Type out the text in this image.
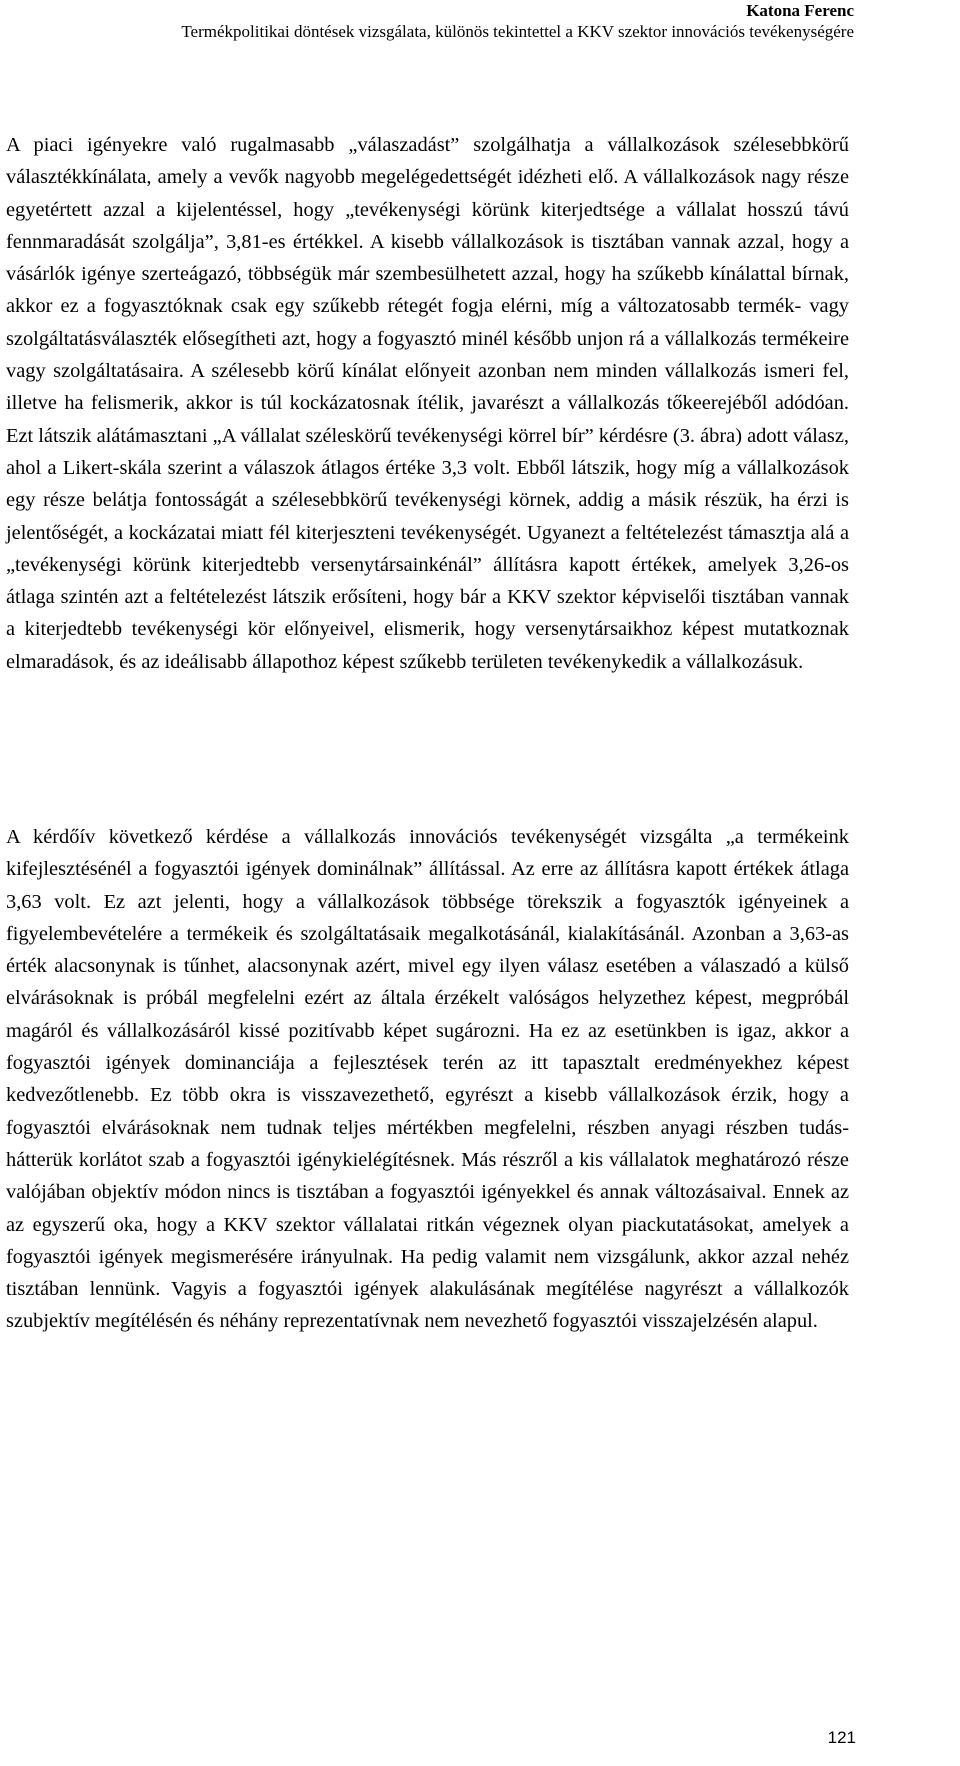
Katona Ferenc
Termékpolitikai döntések vizsgálata, különös tekintettel a KKV szektor innovációs tevékenységére

A piaci igényekre való rugalmasabb „válaszadást” szolgálhatja a vállalkozások szélesebbkörű választékkínálata, amely a vevők nagyobb megelégedettségét idézheti elő. A vállalkozások nagy része egyetértett azzal a kijelentéssel, hogy „tevékenységi körünk kiterjedtsége a vállalat hosszú távú fennmaradását szolgálja”, 3,81-es értékkel. A kisebb vállalkozások is tisztában vannak azzal, hogy a vásárlók igénye szerteágazó, többségük már szembesülhetett azzal, hogy ha szűkebb kínálattal bírnak, akkor ez a fogyasztóknak csak egy szűkebb rétegét fogja elérni, míg a változatosabb termék- vagy szolgáltatásválaszték elősegítheti azt, hogy a fogyasztó minél később unjon rá a vállalkozás termékeire vagy szolgáltatásaira. A szélesebb körű kínálat előnyeit azonban nem minden vállalkozás ismeri fel, illetve ha felismerik, akkor is túl kockázatosnak ítélik, javarészt a vállalkozás tőkeerejéből adódóan. Ezt látszik alátámasztani „A vállalat széleskörű tevékenységi körrel bír” kérdésre (3. ábra) adott válasz, ahol a Likert-skála szerint a válaszok átlagos értéke 3,3 volt. Ebből látszik, hogy míg a vállalkozások egy része belátja fontosságát a szélesebbkörű tevékenységi körnek, addig a másik részük, ha érzi is jelentőségét, a kockázatai miatt fél kiterjeszteni tevékenységét. Ugyanezt a feltételezést támasztja alá a „tevékenységi körünk kiterjedtebb versenytársainkénál” állításra kapott értékek, amelyek 3,26-os átlaga szintén azt a feltételezést látszik erősíteni, hogy bár a KKV szektor képviselői tisztában vannak a kiterjedtebb tevékenységi kör előnyeivel, elismerik, hogy versenytársaikhoz képest mutatkoznak elmaradások, és az ideálisabb állapothoz képest szűkebb területen tevékenykedik a vállalkozásuk.

A kérdőív következő kérdése a vállalkozás innovációs tevékenységét vizsgálta „a termékeink kifejlesztésénél a fogyasztói igények dominálnak” állítással. Az erre az állításra kapott értékek átlaga 3,63 volt. Ez azt jelenti, hogy a vállalkozások többsége törekszik a fogyasztók igényeinek a figyelembevételére a termékeik és szolgáltatásaik megalkotásánál, kialakításánál. Azonban a 3,63-as érték alacsonynak is tűnhet, alacsonynak azért, mivel egy ilyen válasz esetében a válaszadó a külső elvárásoknak is próbál megfelelni ezért az általa érzékelt valóságos helyzethez képest, megpróbál magáról és vállalkozásáról kissé pozitívabb képet sugározni. Ha ez az esetünkben is igaz, akkor a fogyasztói igények dominanciája a fejlesztések terén az itt tapasztalt eredményekhez képest kedvezőtlenebb. Ez több okra is visszavezethető, egyrészt a kisebb vállalkozások érzik, hogy a fogyasztói elvárásoknak nem tudnak teljes mértékben megfelelni, részben anyagi részben tudás-hátterük korlátot szab a fogyasztói igénykielégítésnek. Más részről a kis vállalatok meghatározó része valójában objektív módon nincs is tisztában a fogyasztói igényekkel és annak változásaival. Ennek az az egyszerű oka, hogy a KKV szektor vállalatai ritkán végeznek olyan piackutatásokat, amelyek a fogyasztói igények megismerésére irányulnak. Ha pedig valamit nem vizsgálunk, akkor azzal nehéz tisztában lennünk. Vagyis a fogyasztói igények alakulásának megítélése nagyrészt a vállalkozók szubjektív megítélésén és néhány reprezentatívnak nem nevezhető fogyasztói visszajelzésén alapul.

121
